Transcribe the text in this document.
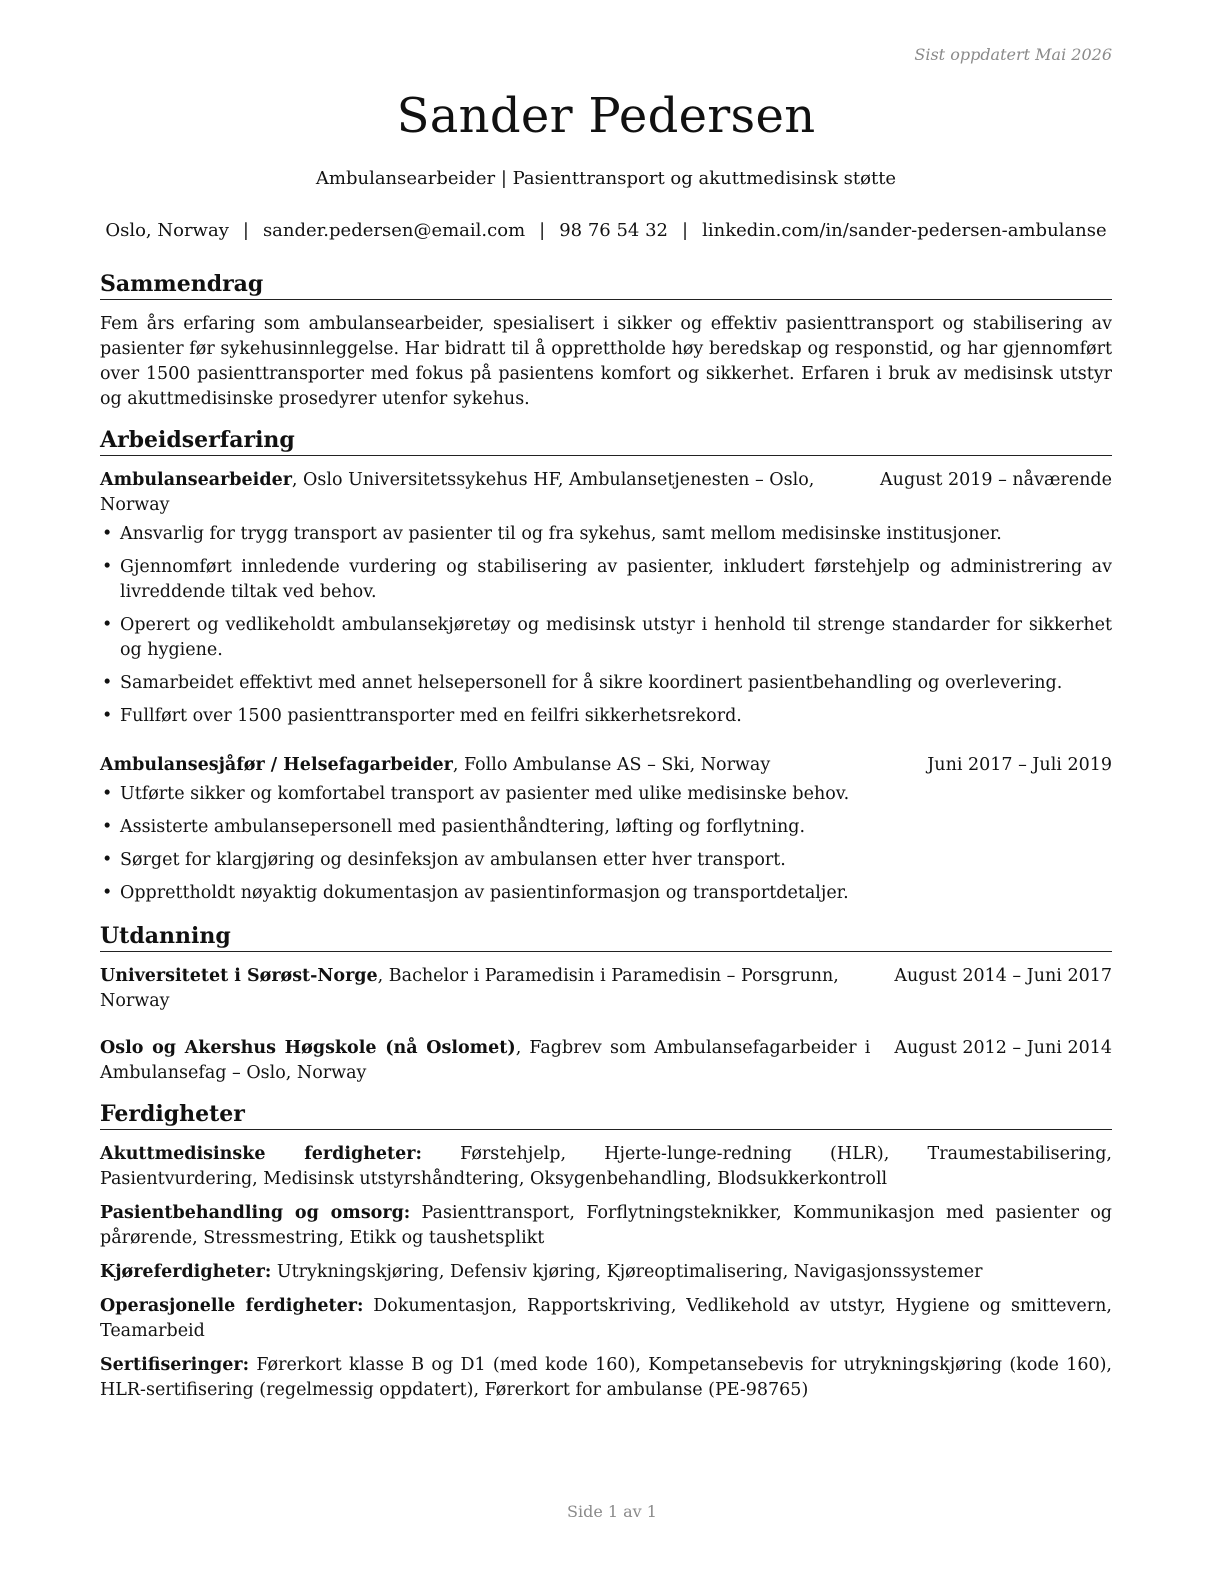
Sist oppdatert Mai 2026
Sander Pedersen
Ambulansearbeider | Pasienttransport og akuttmedisinsk støtte
Oslo, Norway | sander.pedersen@email.com | 98 76 54 32 | linkedin.com/in/sander-pedersen-ambulanse
Sammendrag
Fem års erfaring som ambulansearbeider, spesialisert i sikker og effektiv pasienttransport og stabilisering av pasienter før sykehusinnleggelse. Har bidratt til å opprettholde høy beredskap og responstid, og har gjennomført over 1500 pasienttransporter med fokus på pasientens komfort og sikkerhet. Erfaren i bruk av medisinsk utstyr og akuttmedisinske prosedyrer utenfor sykehus.
Arbeidserfaring
Ambulansearbeider, Oslo Universitetssykehus HF, Ambulansetjenesten – Oslo, Norway
August 2019 – nåværende
• Ansvarlig for trygg transport av pasienter til og fra sykehus, samt mellom medisinske institusjoner.
• Gjennomført innledende vurdering og stabilisering av pasienter, inkludert førstehjelp og administrering av livreddende tiltak ved behov.
• Operert og vedlikeholdt ambulansekjøretøy og medisinsk utstyr i henhold til strenge standarder for sikkerhet og hygiene.
• Samarbeidet effektivt med annet helsepersonell for å sikre koordinert pasientbehandling og overlevering.
• Fullført over 1500 pasienttransporter med en feilfri sikkerhetsrekord.
Ambulansesjåfør / Helsefagarbeider, Follo Ambulanse AS – Ski, Norway	Juni 2017 – Juli 2019
• Utførte sikker og komfortabel transport av pasienter med ulike medisinske behov.
• Assisterte ambulansepersonell med pasienthåndtering, løfting og forflytning.
• Sørget for klargjøring og desinfeksjon av ambulansen etter hver transport.
• Opprettholdt nøyaktig dokumentasjon av pasientinformasjon og transportdetaljer.
Utdanning
Universitetet i Sørøst-Norge, Bachelor i Paramedisin i Paramedisin – Porsgrunn, Norway
August 2014 – Juni 2017
Oslo og Akershus Høgskole (nå Oslomet), Fagbrev som Ambulansefagarbeider i Ambulansefag – Oslo, Norway
August 2012 – Juni 2014
Ferdigheter
Akuttmedisinske ferdigheter: Førstehjelp, Hjerte-lunge-redning (HLR), Traumestabilisering, Pasientvurdering, Medisinsk utstyrshåndtering, Oksygenbehandling, Blodsukkerkontroll
Pasientbehandling og omsorg: Pasienttransport, Forflytningsteknikker, Kommunikasjon med pasienter og pårørende, Stressmestring, Etikk og taushetsplikt
Kjøreferdigheter: Utrykningskjøring, Defensiv kjøring, Kjøreoptimalisering, Navigasjonssystemer
Operasjonelle ferdigheter: Dokumentasjon, Rapportskriving, Vedlikehold av utstyr, Hygiene og smittevern, Teamarbeid
Sertifiseringer: Førerkort klasse B og D1 (med kode 160), Kompetansebevis for utrykningskjøring (kode 160), HLR-sertifisering (regelmessig oppdatert), Førerkort for ambulanse (PE-98765)
Side 1 av 1
